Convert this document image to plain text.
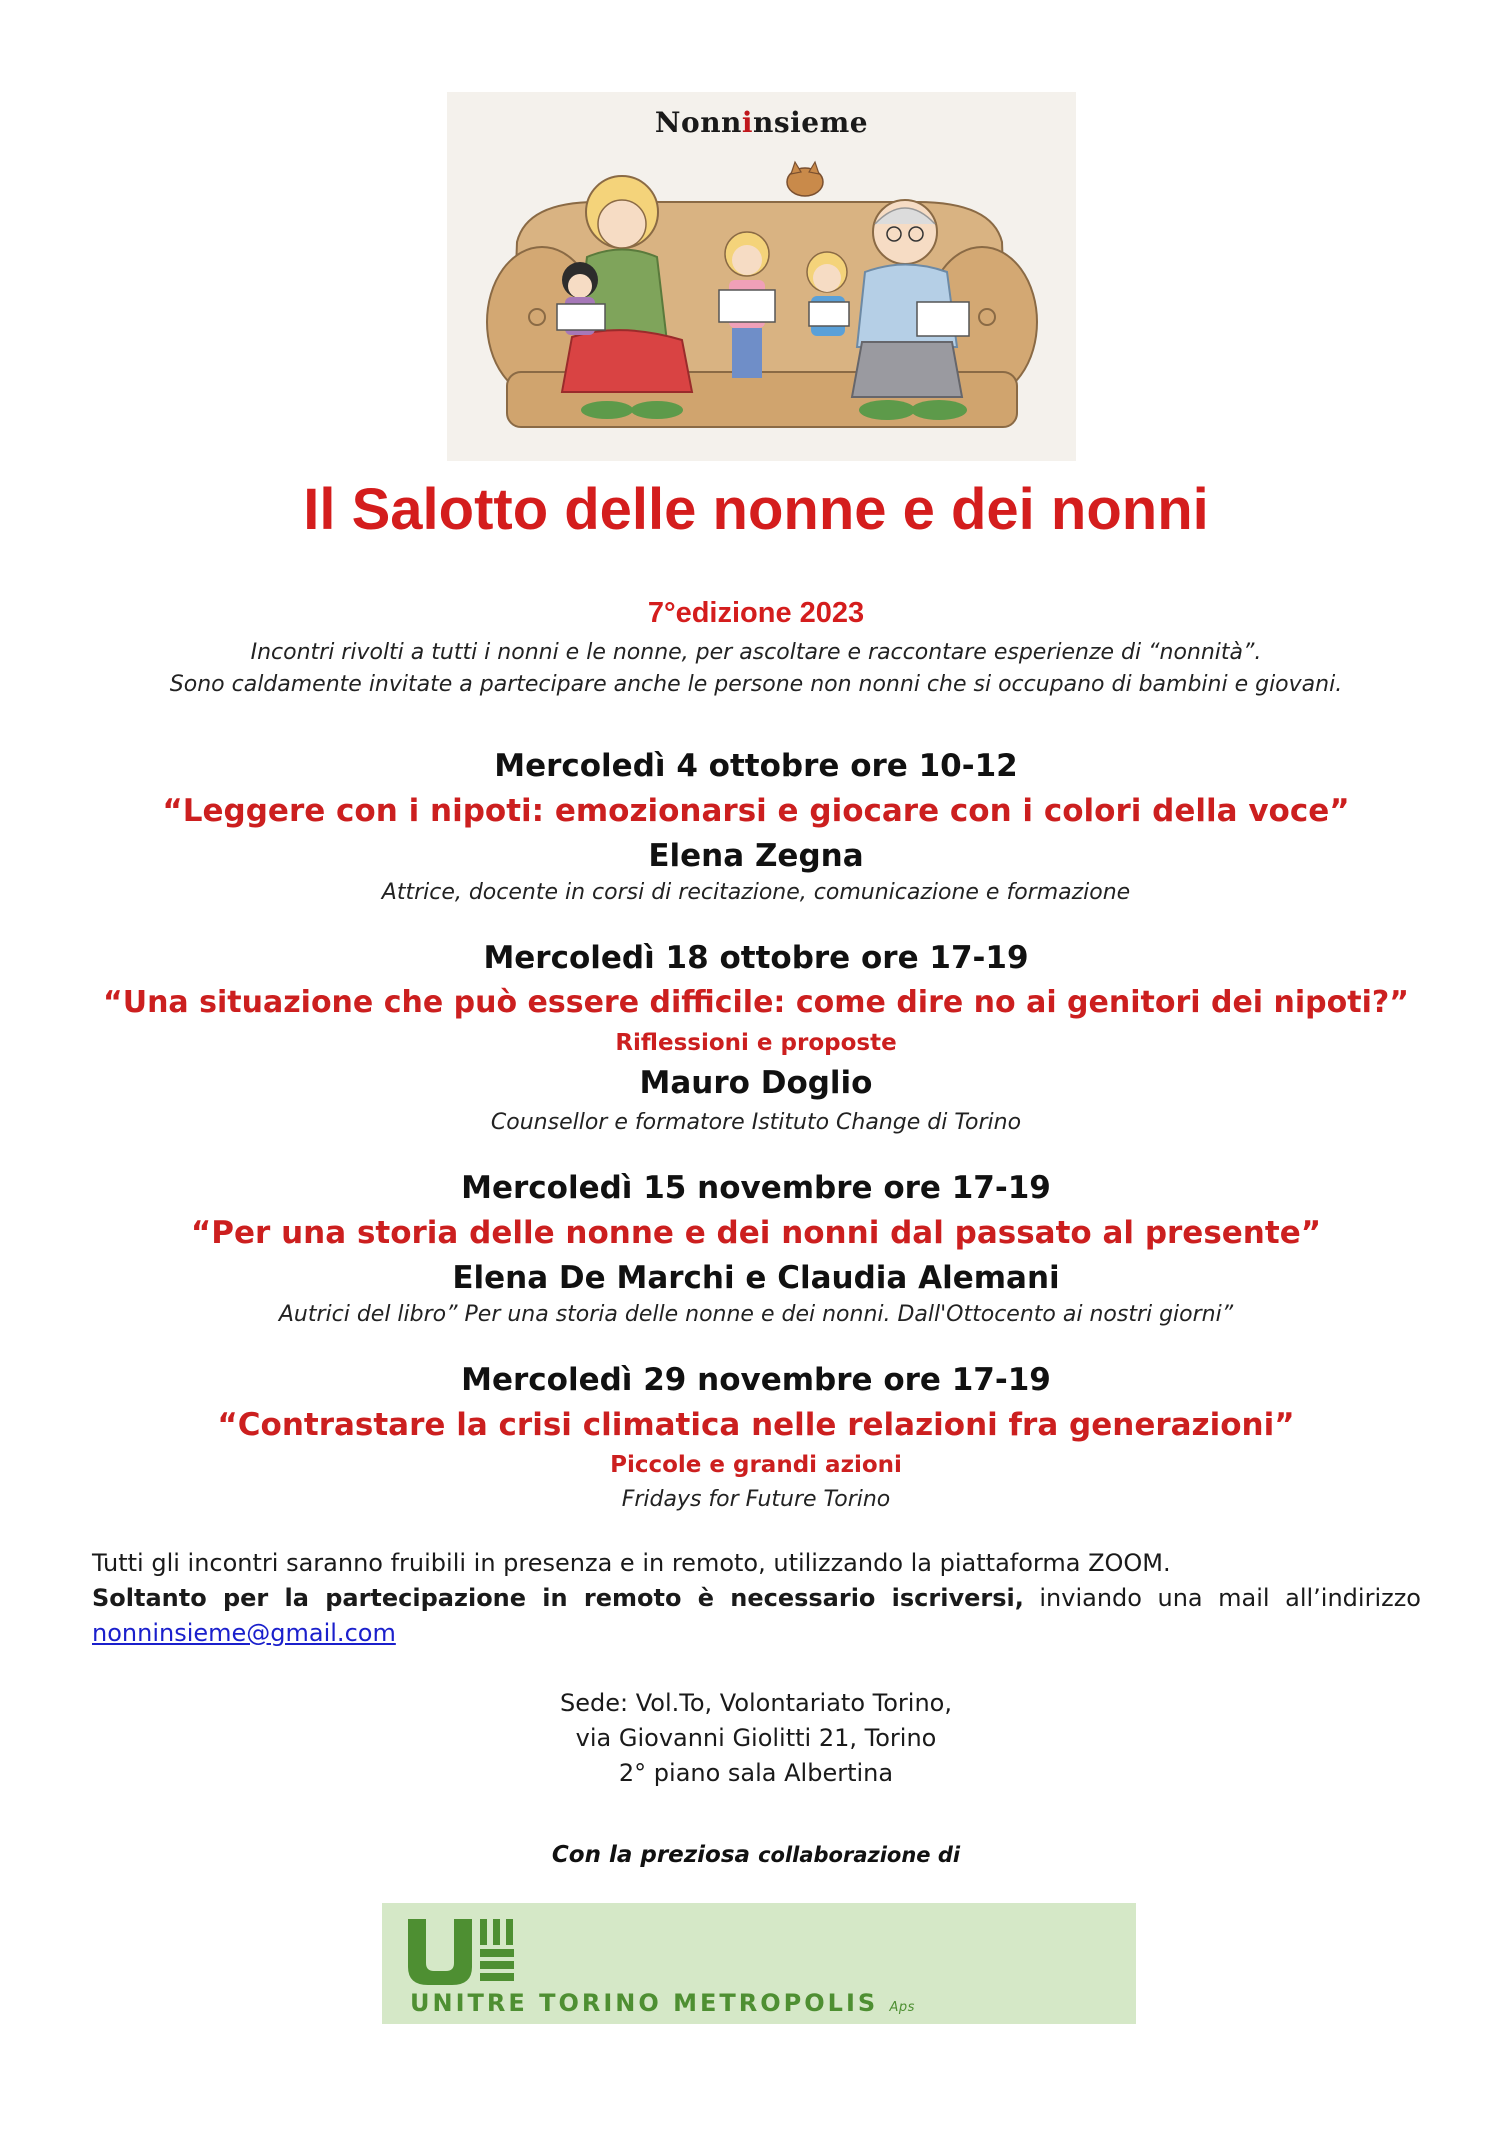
Nonninsieme
Il Salotto delle nonne e dei nonni
7°edizione 2023
Incontri rivolti a tutti i nonni e le nonne, per ascoltare e raccontare esperienze di “nonnità”.
Sono caldamente invitate a partecipare anche le persone non nonni che si occupano di bambini e giovani.
Mercoledì 4 ottobre ore 10-12
“Leggere con i nipoti: emozionarsi e giocare con i colori della voce”
Elena Zegna
Attrice, docente in corsi di recitazione, comunicazione e formazione
Mercoledì 18 ottobre ore 17-19
“Una situazione che può essere difficile: come dire no ai genitori dei nipoti?”
Riflessioni e proposte
Mauro Doglio
Counsellor e formatore Istituto Change di Torino
Mercoledì 15 novembre ore 17-19
“Per una storia delle nonne e dei nonni dal passato al presente”
Elena De Marchi e Claudia Alemani
Autrici del libro” Per una storia delle nonne e dei nonni. Dall'Ottocento ai nostri giorni”
Mercoledì 29 novembre ore 17-19
“Contrastare la crisi climatica nelle relazioni fra generazioni”
Piccole e grandi azioni
Fridays for Future Torino

Tutti gli incontri saranno fruibili in presenza e in remoto, utilizzando la piattaforma ZOOM.

Soltanto per la partecipazione in remoto è necessario iscriversi, inviando una mail all’indirizzo

nonninsieme@gmail.com

Sede: Vol.To, Volontariato Torino,
via Giovanni Giolitti 21, Torino
2° piano sala Albertina
Con la preziosa collaborazione di
UNITRE TORINO METROPOLIS Aps
